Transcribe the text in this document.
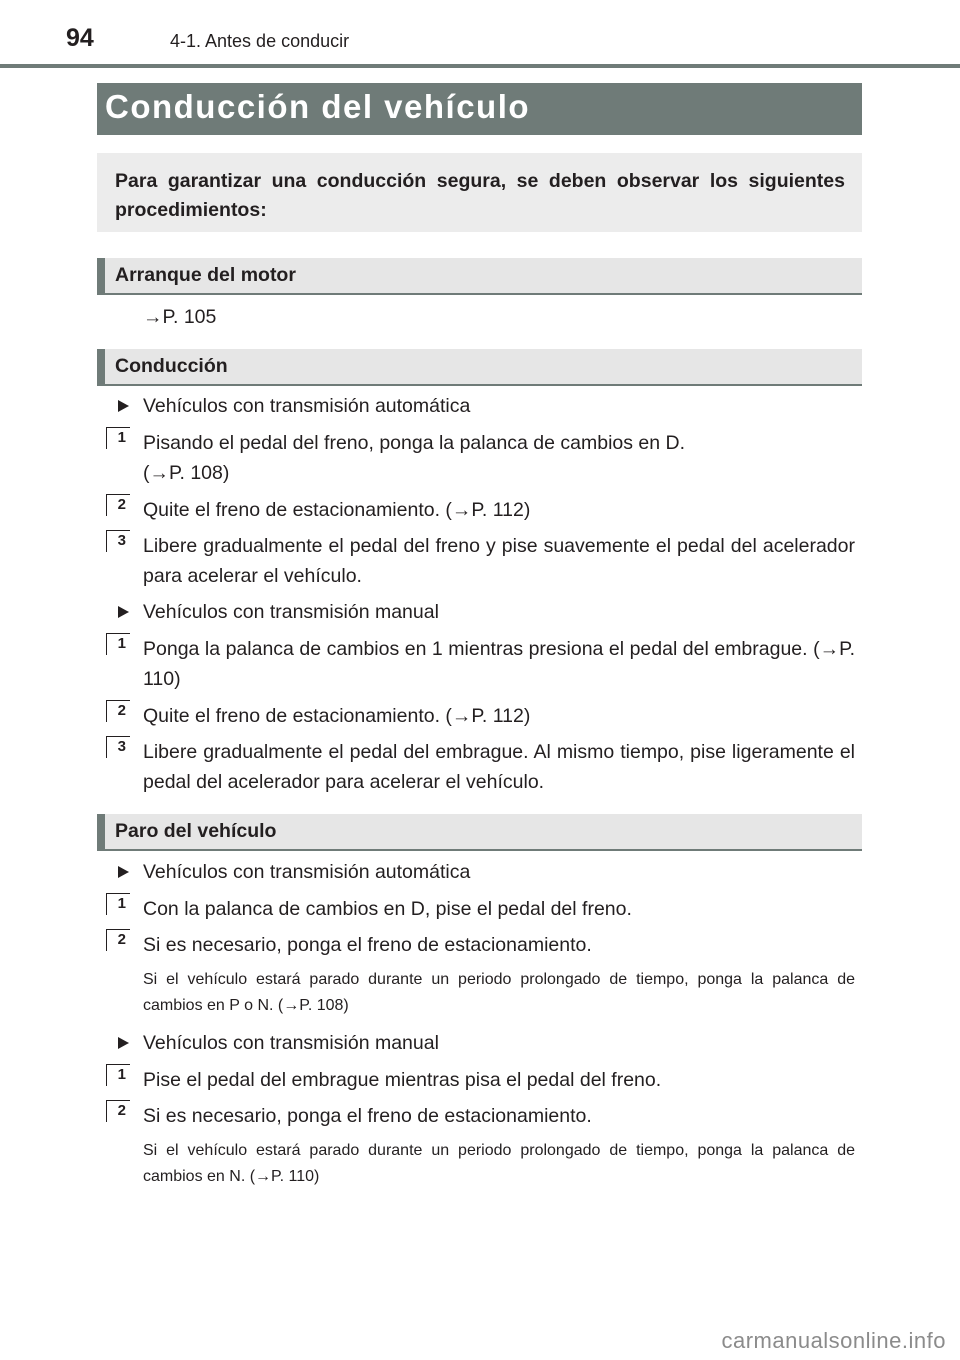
94	4-1. Antes de conducir
Conducción del vehículo
Para garantizar una conducción segura, se deben observar los siguientes procedimientos:
Arranque del motor
→P. 105
Conducción
Vehículos con transmisión automática
1 Pisando el pedal del freno, ponga la palanca de cambios en D.
(→P. 108)
2 Quite el freno de estacionamiento. (→P. 112)
3 Libere gradualmente el pedal del freno y pise suavemente el pedal del acelerador para acelerar el vehículo.
Vehículos con transmisión manual
1 Ponga la palanca de cambios en 1 mientras presiona el pedal del embrague. (→P. 110)
2 Quite el freno de estacionamiento. (→P. 112)
3 Libere gradualmente el pedal del embrague. Al mismo tiempo, pise ligeramente el pedal del acelerador para acelerar el vehículo.
Paro del vehículo
Vehículos con transmisión automática
1 Con la palanca de cambios en D, pise el pedal del freno.
2 Si es necesario, ponga el freno de estacionamiento.
Si el vehículo estará parado durante un periodo prolongado de tiempo, ponga la palanca de cambios en P o N. (→P. 108)
Vehículos con transmisión manual
1 Pise el pedal del embrague mientras pisa el pedal del freno.
2 Si es necesario, ponga el freno de estacionamiento.
Si el vehículo estará parado durante un periodo prolongado de tiempo, ponga la palanca de cambios en N. (→P. 110)
carmanualsonline.info
